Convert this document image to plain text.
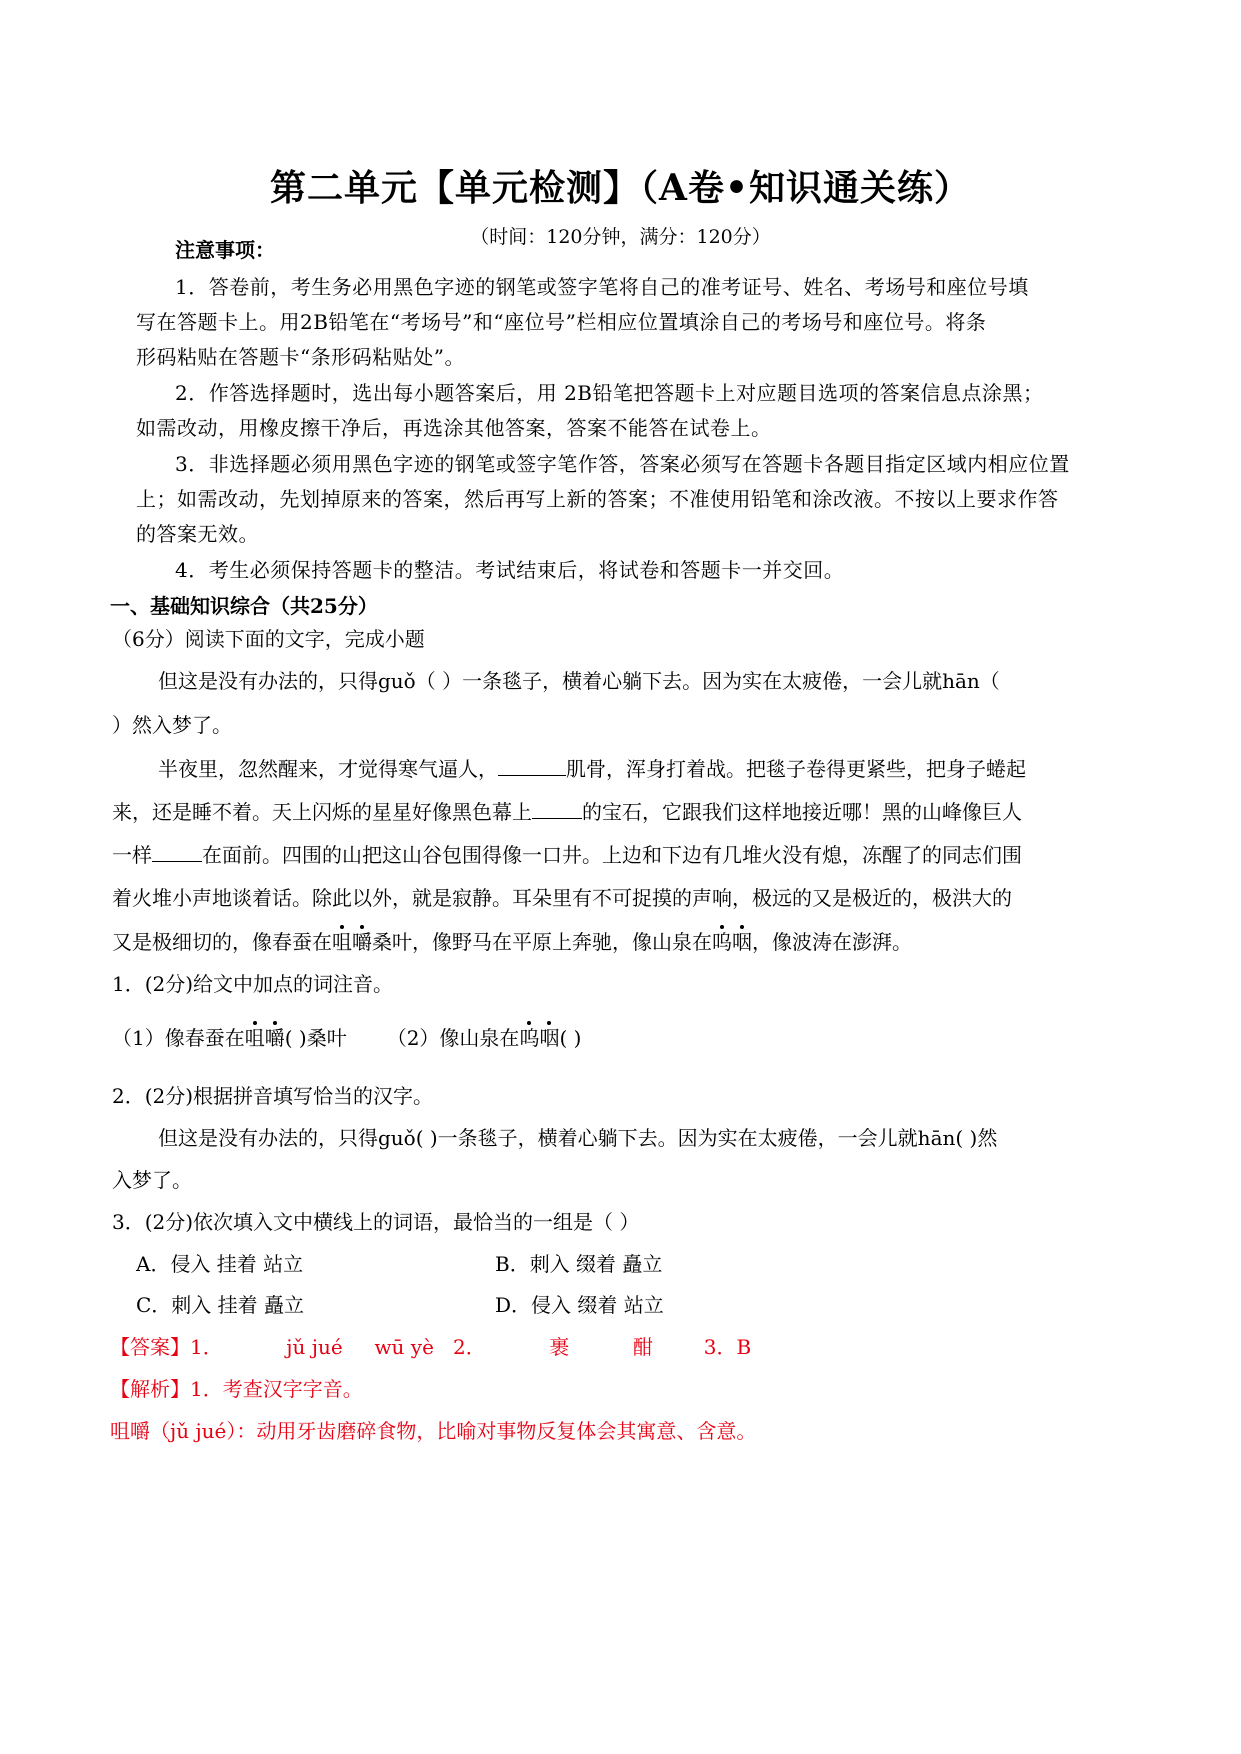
第二单元【单元检测】（A卷•知识通关练）
（时间：120分钟，满分：120分）
注意事项：
1．答卷前，考生务必用黑色字迹的钢笔或签字笔将自己的准考证号、姓名、考场号和座位号填
写在答题卡上。用2B铅笔在“考场号”和“座位号”栏相应位置填涂自己的考场号和座位号。将条
形码粘贴在答题卡“条形码粘贴处”。
2．作答选择题时，选出每小题答案后，用 2B铅笔把答题卡上对应题目选项的答案信息点涂黑；
如需改动，用橡皮擦干净后，再选涂其他答案，答案不能答在试卷上。
3．非选择题必须用黑色字迹的钢笔或签字笔作答，答案必须写在答题卡各题目指定区域内相应位置
上；如需改动，先划掉原来的答案，然后再写上新的答案；不准使用铅笔和涂改液。不按以上要求作答
的答案无效。
4．考生必须保持答题卡的整洁。考试结束后，将试卷和答题卡一并交回。
一、基础知识综合（共25分）
（6分）阅读下面的文字，完成小题
但这是没有办法的，只得guǒ（ ）一条毯子，横着心躺下去。因为实在太疲倦，一会儿就hān（
）然入梦了。
半夜里，忽然醒来，才觉得寒气逼人，	肌骨，浑身打着战。把毯子卷得更紧些，把身子蜷起
来，还是睡不着。天上闪烁的星星好像黑色幕上	的宝石，它跟我们这样地接近哪！黑的山峰像巨人
一样	在面前。四围的山把这山谷包围得像一口井。上边和下边有几堆火没有熄，冻醒了的同志们围
着火堆小声地谈着话。除此以外，就是寂静。耳朵里有不可捉摸的声响，极远的又是极近的，极洪大的
又是极细切的，像春蚕在咀嚼桑叶，像野马在平原上奔驰，像山泉在呜咽，像波涛在澎湃。
1．(2分)给文中加点的词注音。
（1）像春蚕在咀嚼( )桑叶 （2）像山泉在呜咽( )
2．(2分)根据拼音填写恰当的汉字。
但这是没有办法的，只得guǒ( )一条毯子，横着心躺下去。因为实在太疲倦，一会儿就hān( )然
入梦了。
3．(2分)依次填入文中横线上的词语，最恰当的一组是（ ）
A．侵入 挂着 站立	B．刺入 缀着 矗立
C．刺入 挂着 矗立	D．侵入 缀着 站立
【答案】1．          jǔ jué     wū yè   2．          裹          酣        3．B
【解析】1．考查汉字字音。
咀嚼（jǔ jué）：动用牙齿磨碎食物，比喻对事物反复体会其寓意、含意。
